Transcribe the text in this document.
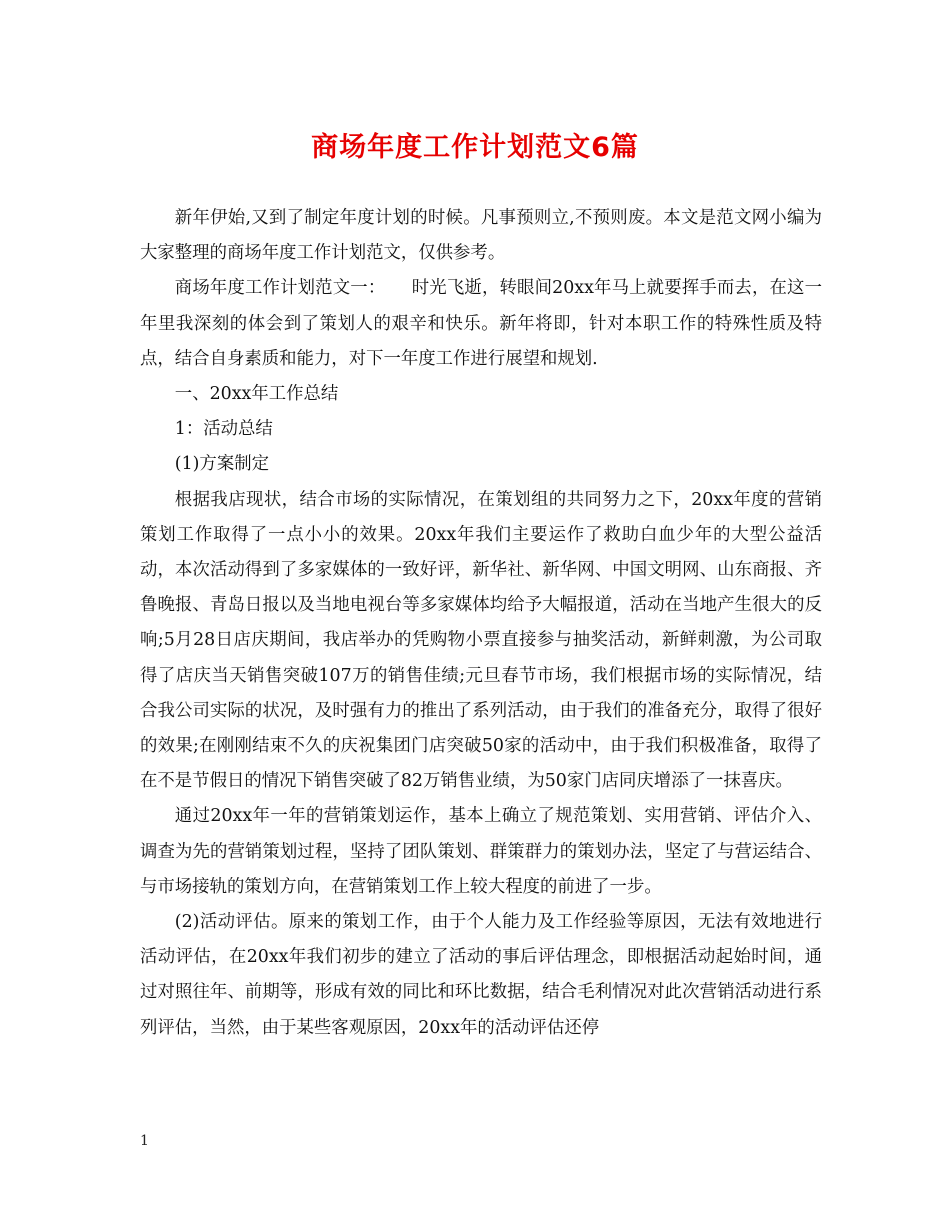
商场年度工作计划范文6篇

新年伊始,又到了制定年度计划的时候。凡事预则立,不预则废。本文是范文网小编为大家整理的商场年度工作计划范文，仅供参考。

商场年度工作计划范文一：　　时光飞逝，转眼间20xx年马上就要挥手而去，在这一年里我深刻的体会到了策划人的艰辛和快乐。新年将即，针对本职工作的特殊性质及特点，结合自身素质和能力，对下一年度工作进行展望和规划.

一、20xx年工作总结

1：活动总结

(1)方案制定

根据我店现状，结合市场的实际情况，在策划组的共同努力之下，20xx年度的营销策划工作取得了一点小小的效果。20xx年我们主要运作了救助白血少年的大型公益活动，本次活动得到了多家媒体的一致好评，新华社、新华网、中国文明网、山东商报、齐鲁晚报、青岛日报以及当地电视台等多家媒体均给予大幅报道，活动在当地产生很大的反响;5月28日店庆期间，我店举办的凭购物小票直接参与抽奖活动，新鲜刺激，为公司取得了店庆当天销售突破107万的销售佳绩;元旦春节市场，我们根据市场的实际情况，结合我公司实际的状况，及时强有力的推出了系列活动，由于我们的准备充分，取得了很好的效果;在刚刚结束不久的庆祝集团门店突破50家的活动中，由于我们积极准备，取得了在不是节假日的情况下销售突破了82万销售业绩，为50家门店同庆增添了一抹喜庆。

通过20xx年一年的营销策划运作，基本上确立了规范策划、实用营销、评估介入、调查为先的营销策划过程，坚持了团队策划、群策群力的策划办法，坚定了与营运结合、与市场接轨的策划方向，在营销策划工作上较大程度的前进了一步。

(2)活动评估。原来的策划工作，由于个人能力及工作经验等原因，无法有效地进行活动评估，在20xx年我们初步的建立了活动的事后评估理念，即根据活动起始时间，通过对照往年、前期等，形成有效的同比和环比数据，结合毛利情况对此次营销活动进行系列评估，当然，由于某些客观原因，20xx年的活动评估还停

1
